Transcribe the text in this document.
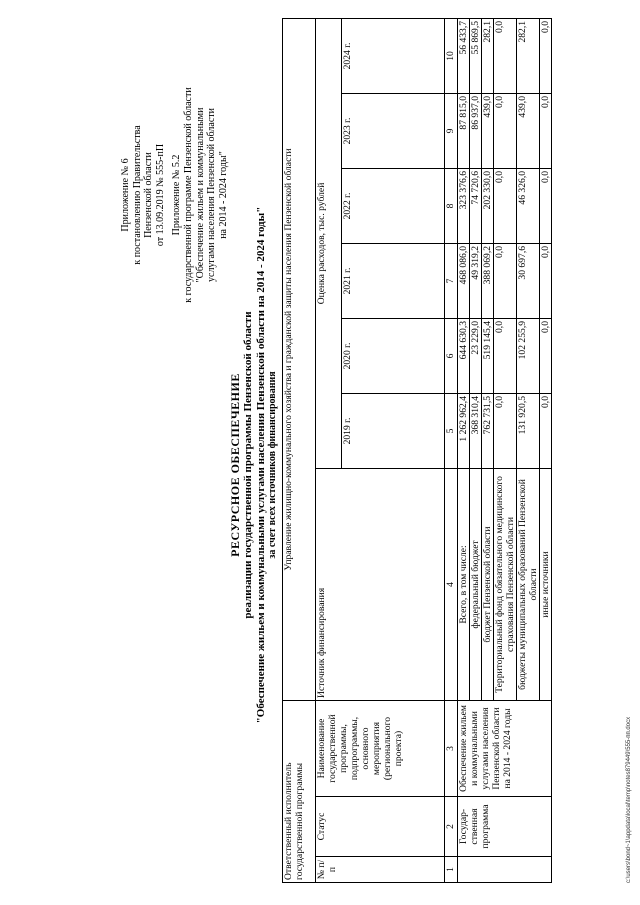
Приложение № 6 к постановлению Правительства Пензенской области от 13.09.2019 № 555-пП Приложение № 5.2 к государственной программе Пензенской области "Обеспечение жильем и коммунальными услугами населения Пензенской области на 2014 - 2024 годы"
РЕСУРСНОЕ ОБЕСПЕЧЕНИЕ реализации государственной программы Пензенской области "Обеспечение жильем и коммунальными услугами населения Пензенской области на 2014 - 2024 годы" за счет всех источников финансирования
Ответственный исполнитель государственной программы			Управление жилищно-коммунального хозяйства и гражданской защиты населения Пензенской области						
№ п/п	Статус	Наименование государственной программы, подпрограммы, основного мероприятия (регионального проекта)	Источник финансирования	Оценка расходов, тыс. рублей					
				2019 г.	2020 г.	2021 г.	2022 г.	2023 г.	2024 г.
1	2	3	4	5	6	7	8	9	10
	Государ-ственная программа	Обеспечение жильем и коммунальными услугами населения Пензенской области на 2014 - 2024 годы	Всего, в том числе:	1 262 962,4	644 630,3	468 086,0	323 376,6	87 815,0	56 433,7
			федеральный бюджет	368 310,4	23 229,0	49 319,2	74 720,6	86 937,0	55 869,5
			бюджет Пензенской области	762 731,5	519 145,4	388 069,2	202 330,0	439,0	282,1
			Территориальный фонд обязательного медицинского страхования Пензенской области	0,0	0,0	0,0	0,0	0,0	0,0
			бюджеты муниципальных образований Пензенской области	131 920,5	102 255,9	30 697,6	46 326,0	439,0	282,1
			иные источники	0,0	0,0	0,0	0,0	0,0	0,0
c:\users\bond~1\appdata\local\temp\notes879449\555-пп.docx
